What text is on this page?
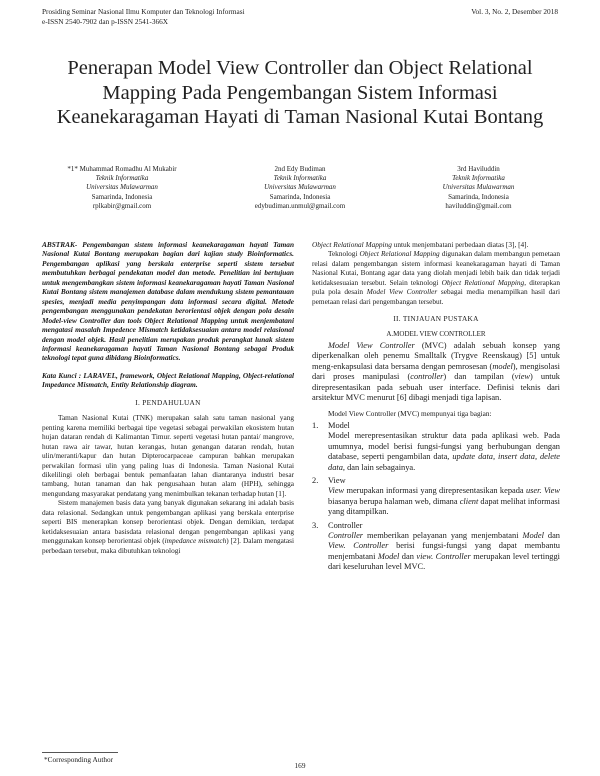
Prosiding Seminar Nasional Ilmu Komputer dan Teknologi Informasi
e-ISSN 2540-7902 dan p-ISSN 2541-366X
Vol. 3, No. 2, Desember 2018
Penerapan Model View Controller dan Object Relational Mapping Pada Pengembangan Sistem Informasi Keanekaragaman Hayati di Taman Nasional Kutai Bontang
*1* Muhammad Romadhu Al Mukabir
Teknik Informatika
Universitas Mulawarman
Samarinda, Indonesia
rplkabir@gmail.com
2nd Edy Budiman
Teknik Informatika
Universitas Mulawarman
Samarinda, Indonesia
edybudiman.unmul@gmail.com
3rd Haviluddin
Teknik Informatika
Universitas Mulawarman
Samarinda, Indonesia
haviluddin@gmail.com

ABSTRAK- Pengembangan sistem informasi keanekaragaman hayati Taman Nasional Kutai Bontang merupakan bagian dari kajian study Bioinformatics. Pengembangan aplikasi yang berskala enterprise seperti sistem tersebut membutuhkan berbagai pendekatan model dan metode. Penelitian ini bertujuan untuk mengembangkan sistem informasi keanekaragaman hayati Taman Nasional Kutai Bontang sistem manajemen database dalam mendukung sistem pemantauan spesies, menjadi media penyimpangan data informasi secara digital. Metode pengembangan menggunakan pendekatan berorientasi objek dengan pola desain Model-view Controller dan tools Object Relational Mapping untuk menjembatani mengatasi masalah Impedence Mismatch ketidaksesuaian antara model relasional dengan model objek. Hasil penelitian merupakan produk perangkat lunak sistem informasi keanekaragaman hayati Taman Nasional Bontang sebagai Produk teknologi tepat guna dibidang Bioinformatics.

Kata Kunci : LARAVEL, framework, Object Relational Mapping, Object-relational Impedance Mismatch, Entity Relationship diagram.

I. PENDAHULUAN

Taman Nasional Kutai (TNK) merupakan salah satu taman nasional yang penting karena memiliki berbagai tipe vegetasi sebagai perwakilan ekosistem hutan hujan dataran rendah di Kalimantan Timur. seperti vegetasi hutan pantai/ mangrove, hutan rawa air tawar, hutan kerangas, hutan genangan dataran rendah, hutan ulin/meranti/kapur dan hutan Dipterocarpaceae campuran bahkan merupakan perwakilan formasi ulin yang paling luas di Indonesia. Taman Nasional Kutai dikelilingi oleh berbagai bentuk pemanfaatan lahan diantaranya industri besar tambang, hutan tanaman dan hak pengusahaan hutan alam (HPH), sehingga mengundang masyarakat pendatang yang menimbulkan tekanan terhadap hutan [1].

Sistem manajemen basis data yang banyak digunakan sekarang ini adalah basis data relasional. Sedangkan untuk pengembangan aplikasi yang berskala enterprise seperti BIS menerapkan konsep berorientasi objek. Dengan demikian, terdapat ketidaksesuaian antara basisdata relasional dengan pengembangan aplikasi yang menggunakan konsep berorientasi objek (impedance mismatch) [2]. Dalam mengatasi perbedaan tersebut, maka dibutuhkan teknologi

Object Relational Mapping untuk menjembatani perbedaan diatas [3], [4].

Teknologi Object Relational Mapping digunakan dalam membangun pemetaan relasi dalam pengembangan sistem informasi keanekaragaman hayati di Taman Nasional Kutai, Bontang agar data yang diolah menjadi lebih baik dan tidak terjadi ketidaksesuaian tersebut. Selain teknologi Object Relational Mapping, diterapkan pula pola desain Model View Controller sebagai media menampilkan hasil dari pemetaan relasi dari pengembangan tersebut.

II. TINJAUAN PUSTAKA
A.MODEL VIEW CONTROLLER

Model View Controller (MVC) adalah sebuah konsep yang diperkenalkan oleh penemu Smalltalk (Trygve Reenskaug) [5] untuk meng-enkapsulasi data bersama dengan pemrosesan (model), mengisolasi dari proses manipulasi (controller) dan tampilan (view) untuk direpresentasikan pada sebuah user interface. Definisi teknis dari arsitektur MVC menurut [6] dibagi menjadi tiga lapisan.

Model View Controller (MVC) mempunyai tiga bagian:

1.	Model

Model merepresentasikan struktur data pada aplikasi web. Pada umumnya, model berisi fungsi-fungsi yang berhubungan dengan database, seperti pengambilan data, update data, insert data, delete data, dan lain sebagainya.

2.	View

View merupakan informasi yang direpresentasikan kepada user. View biasanya berupa halaman web, dimana client dapat melihat informasi yang ditampilkan.

3.	Controller

Controller memberikan pelayanan yang menjembatani Model dan View. Controller berisi fungsi-fungsi yang dapat membantu menjembatani Model dan view. Controller merupakan level tertinggi dari keseluruhan level MVC.

*Corresponding Author
169
